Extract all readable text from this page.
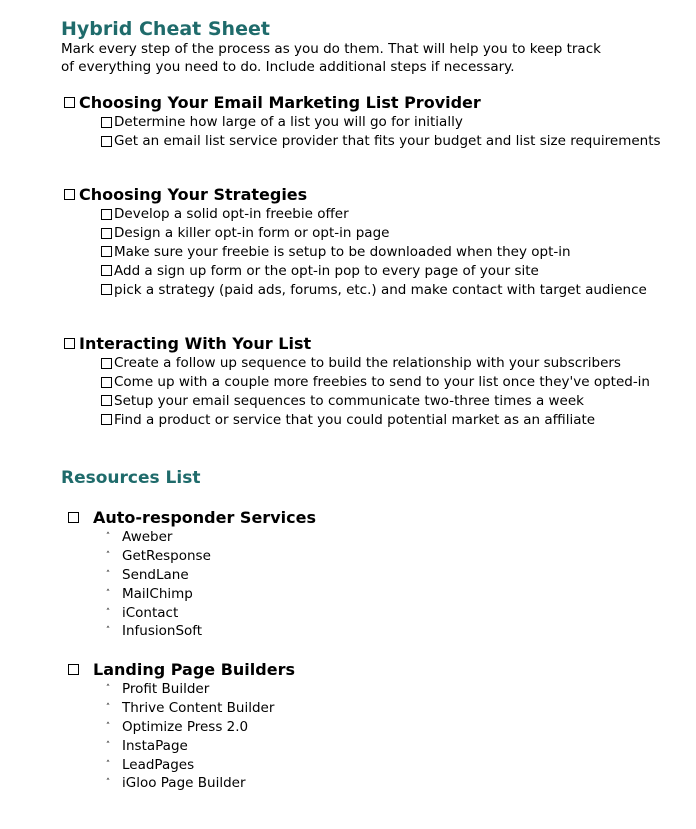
Hybrid Cheat Sheet
Mark every step of the process as you do them. That will help you to keep track
of everything you need to do. Include additional steps if necessary.
Choosing Your Email Marketing List Provider
Determine how large of a list you will go for initially
Get an email list service provider that fits your budget and list size requirements
Choosing Your Strategies
Develop a solid opt-in freebie offer
Design a killer opt-in form or opt-in page
Make sure your freebie is setup to be downloaded when they opt-in
Add a sign up form or the opt-in pop to every page of your site
pick a strategy (paid ads, forums, etc.) and make contact with target audience
Interacting With Your List
Create a follow up sequence to build the relationship with your subscribers
Come up with a couple more freebies to send to your list once they've opted-in
Setup your email sequences to communicate two-three times a week
Find a product or service that you could potential market as an affiliate
Resources List
Auto-responder Services
˄ Aweber
˄ GetResponse
˄ SendLane
˄ MailChimp
˄ iContact
˄ InfusionSoft
Landing Page Builders
˄ Profit Builder
˄ Thrive Content Builder
˄ Optimize Press 2.0
˄ InstaPage
˄ LeadPages
˄ iGloo Page Builder
